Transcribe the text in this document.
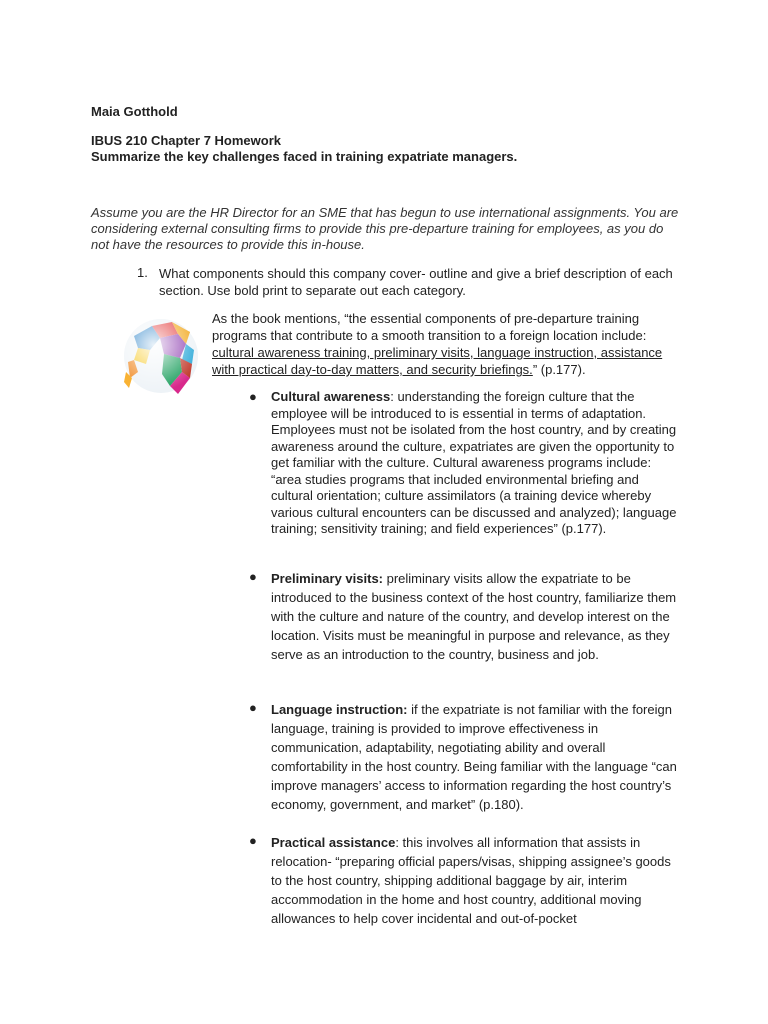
Maia Gotthold
IBUS 210 Chapter 7 Homework
Summarize the key challenges faced in training expatriate managers.
Assume you are the HR Director for an SME that has begun to use international assignments. You are considering external consulting firms to provide this pre-departure training for employees, as you do not have the resources to provide this in-house.
1. What components should this company cover- outline and give a brief description of each section. Use bold print to separate out each category.
As the book mentions, “the essential components of pre-departure training programs that contribute to a smooth transition to a foreign location include: cultural awareness training, preliminary visits, language instruction, assistance with practical day-to-day matters, and security briefings.” (p.177).
● Cultural awareness: understanding the foreign culture that the employee will be introduced to is essential in terms of adaptation. Employees must not be isolated from the host country, and by creating awareness around the culture, expatriates are given the opportunity to get familiar with the culture. Cultural awareness programs include: “area studies programs that included environmental briefing and cultural orientation; culture assimilators (a training device whereby various cultural encounters can be discussed and analyzed); language training; sensitivity training; and field experiences” (p.177).
● Preliminary visits: preliminary visits allow the expatriate to be introduced to the business context of the host country, familiarize them with the culture and nature of the country, and develop interest on the location. Visits must be meaningful in purpose and relevance, as they serve as an introduction to the country, business and job.
● Language instruction: if the expatriate is not familiar with the foreign language, training is provided to improve effectiveness in communication, adaptability, negotiating ability and overall comfortability in the host country. Being familiar with the language “can improve managers’ access to information regarding the host country’s economy, government, and market” (p.180).
● Practical assistance: this involves all information that assists in relocation- “preparing official papers/visas, shipping assignee’s goods to the host country, shipping additional baggage by air, interim accommodation in the home and host country, additional moving allowances to help cover incidental and out-of-pocket
